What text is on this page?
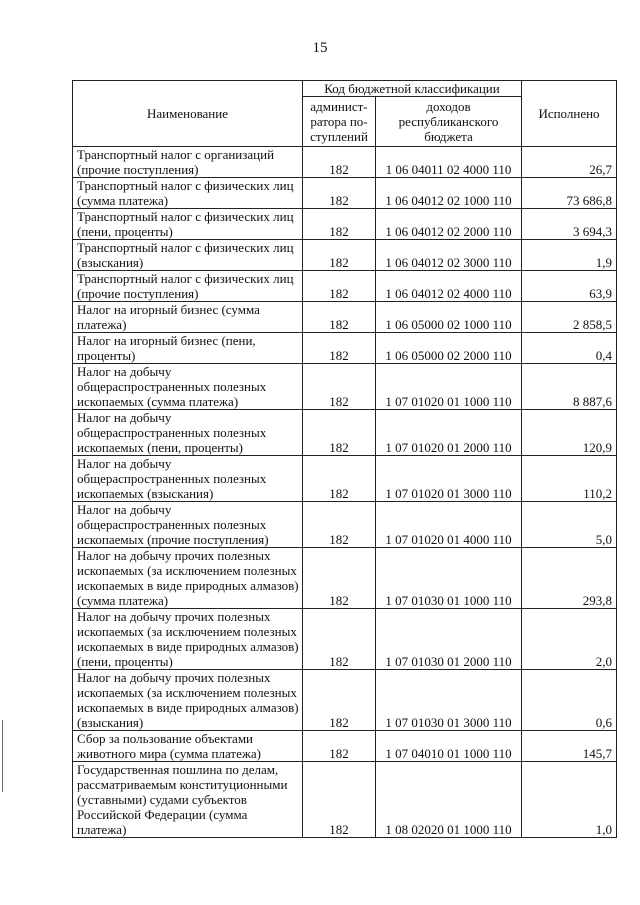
15
Наименование	Код бюджетной классификации		Исполнено
	админист-ратора по-ступлений	доходов республиканского бюджета	
Транспортный налог с организаций (прочие поступления)	182	1 06 04011 02 4000 110	26,7
Транспортный налог с физических лиц (сумма платежа)	182	1 06 04012 02 1000 110	73 686,8
Транспортный налог с физических лиц (пени, проценты)	182	1 06 04012 02 2000 110	3 694,3
Транспортный налог с физических лиц (взыскания)	182	1 06 04012 02 3000 110	1,9
Транспортный налог с физических лиц (прочие поступления)	182	1 06 04012 02 4000 110	63,9
Налог на игорный бизнес (сумма платежа)	182	1 06 05000 02 1000 110	2 858,5
Налог на игорный бизнес (пени, проценты)	182	1 06 05000 02 2000 110	0,4
Налог на добычу общераспространенных полезных ископаемых (сумма платежа)	182	1 07 01020 01 1000 110	8 887,6
Налог на добычу общераспространенных полезных ископаемых (пени, проценты)	182	1 07 01020 01 2000 110	120,9
Налог на добычу общераспространенных полезных ископаемых (взыскания)	182	1 07 01020 01 3000 110	110,2
Налог на добычу общераспространенных полезных ископаемых (прочие поступления)	182	1 07 01020 01 4000 110	5,0
Налог на добычу прочих полезных ископаемых (за исключением полезных ископаемых в виде природных алмазов) (сумма платежа)	182	1 07 01030 01 1000 110	293,8
Налог на добычу прочих полезных ископаемых (за исключением полезных ископаемых в виде природных алмазов) (пени, проценты)	182	1 07 01030 01 2000 110	2,0
Налог на добычу прочих полезных ископаемых (за исключением полезных ископаемых в виде природных алмазов) (взыскания)	182	1 07 01030 01 3000 110	0,6
Сбор за пользование объектами животного мира (сумма платежа)	182	1 07 04010 01 1000 110	145,7
Государственная пошлина по делам, рассматриваемым конституционными (уставными) судами субъектов Российской Федерации (сумма платежа)	182	1 08 02020 01 1000 110	1,0
